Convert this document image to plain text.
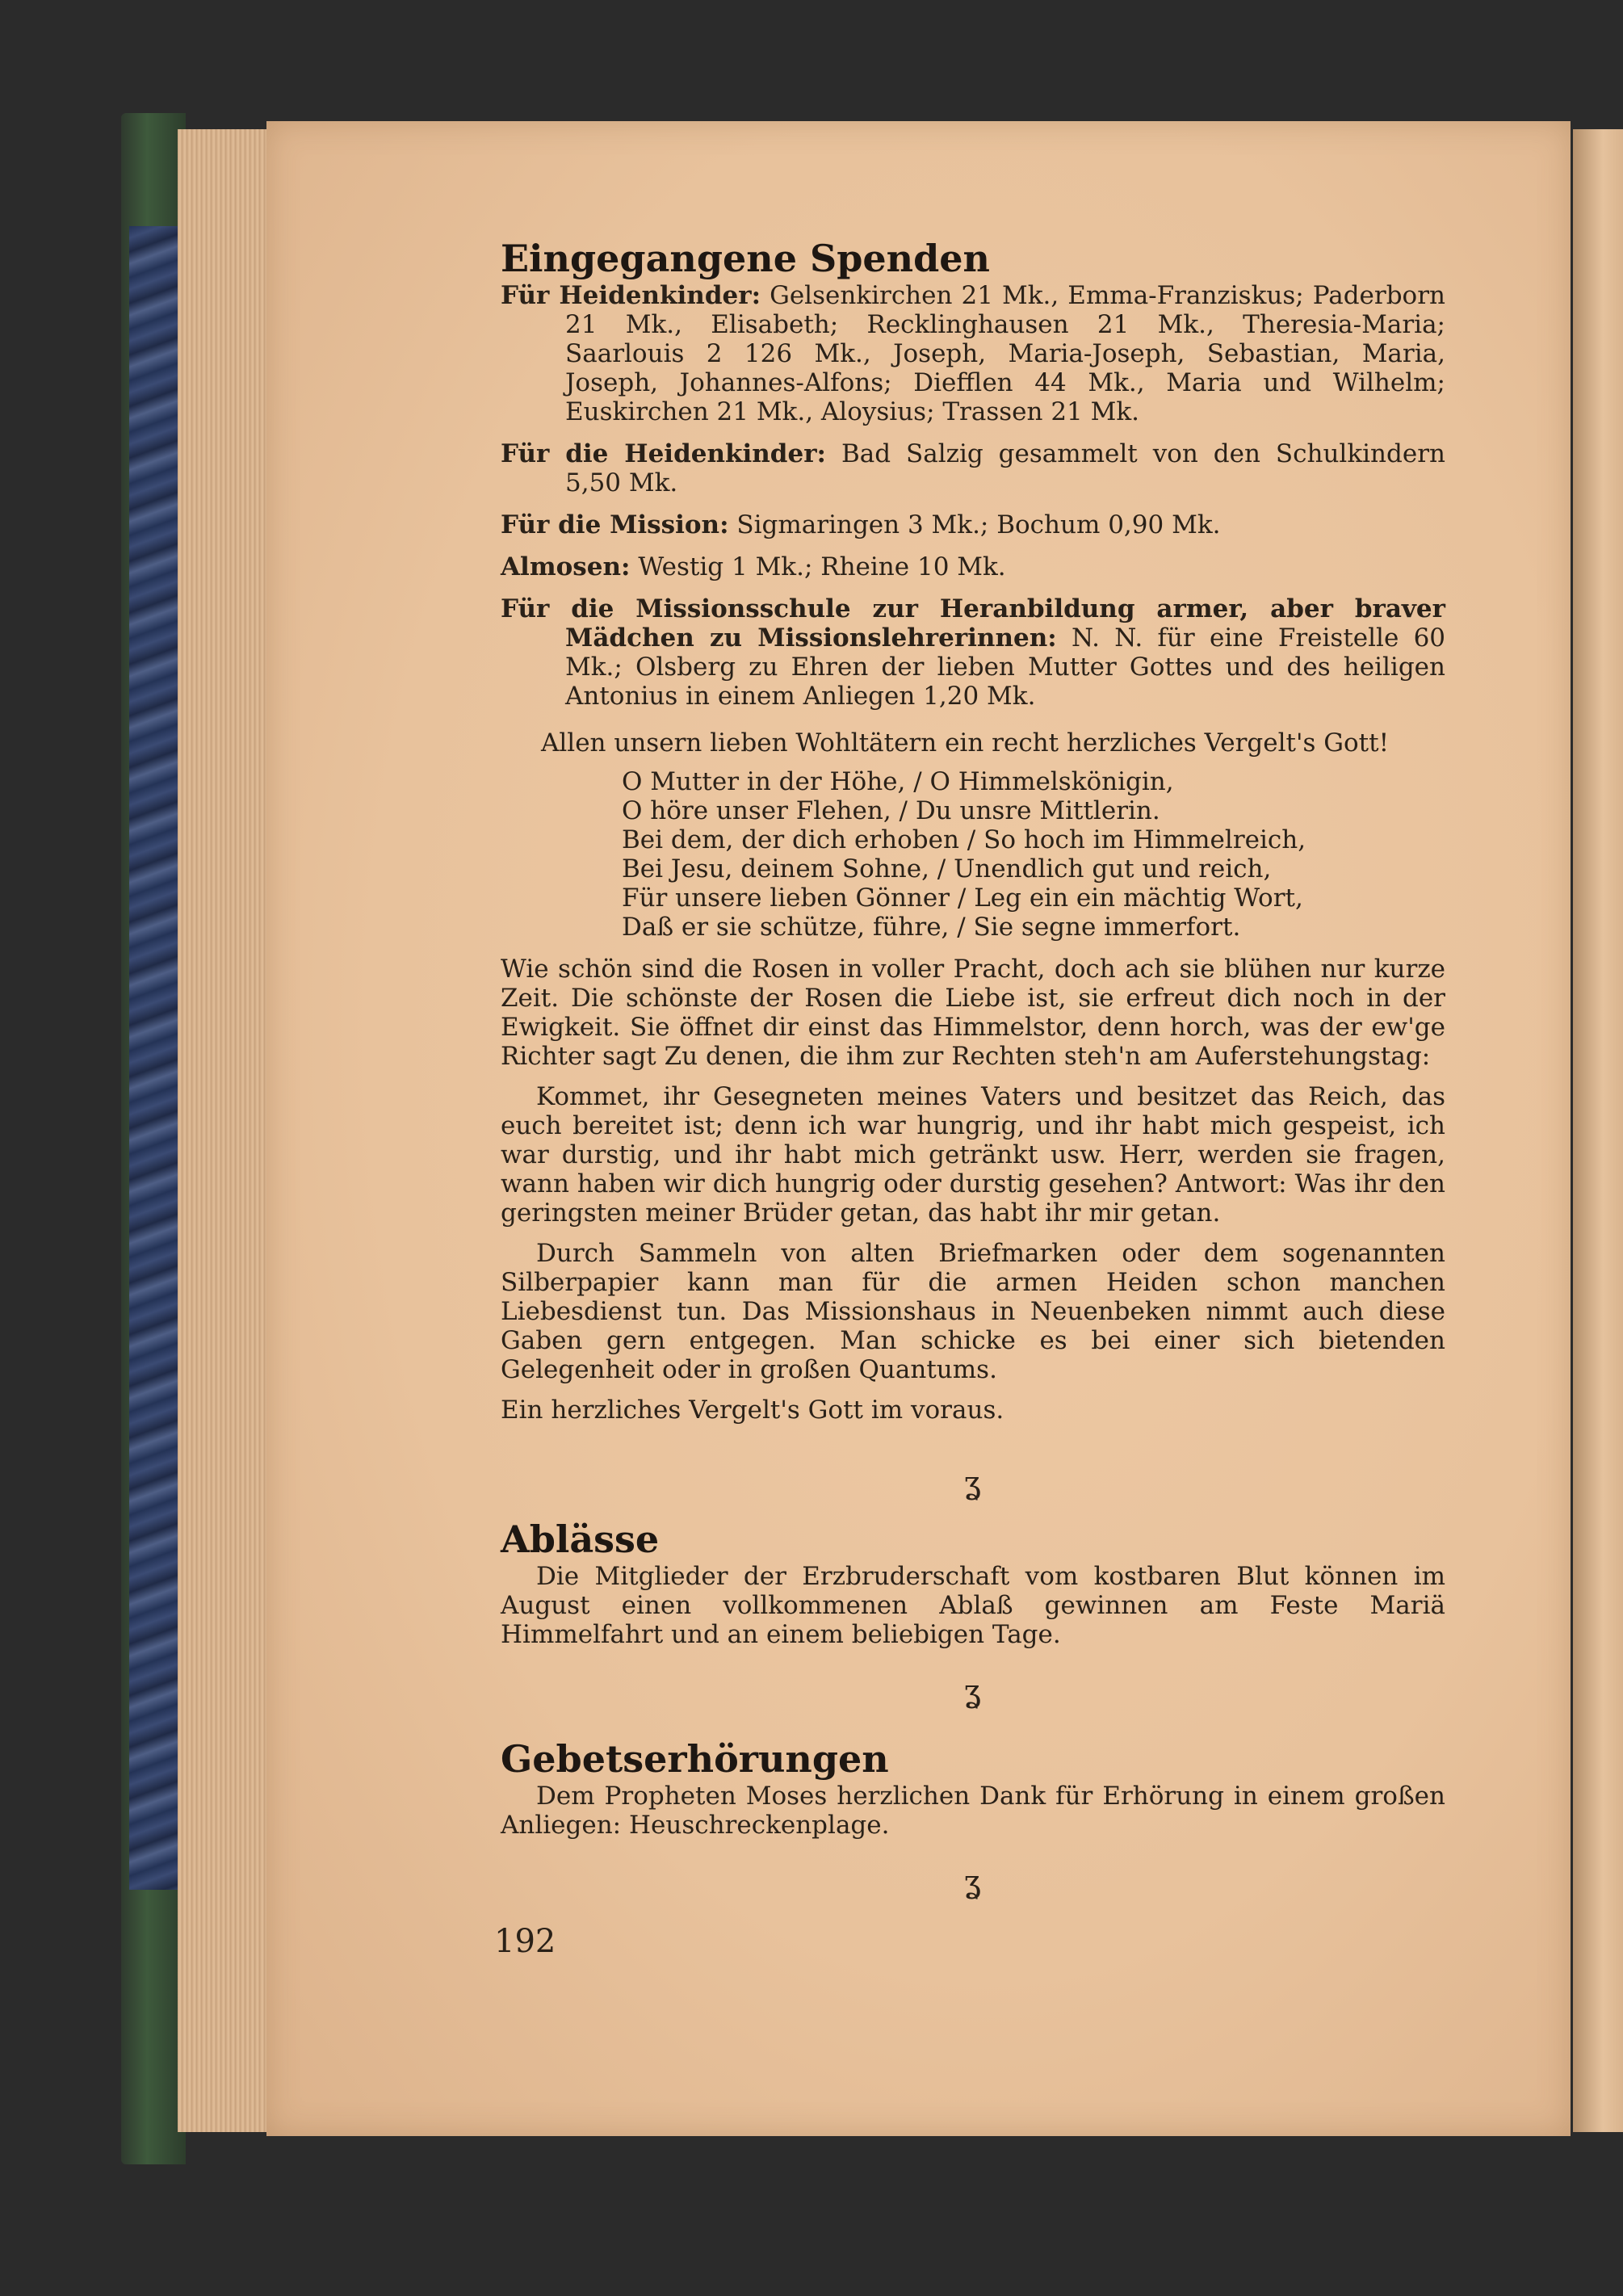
Eingegangene Spenden
Für Heidenkinder: Gelsenkirchen 21 Mk., Emma-Franziskus; Paderborn 21 Mk., Elisabeth; Recklinghausen 21 Mk., Theresia-Maria; Saarlouis 2 126 Mk., Joseph, Maria-Joseph, Sebastian, Maria, Joseph, Johannes-Alfons; Diefflen 44 Mk., Maria und Wilhelm; Euskirchen 21 Mk., Aloysius; Trassen 21 Mk.
Für die Heidenkinder: Bad Salzig gesammelt von den Schulkindern 5,50 Mk.
Für die Mission: Sigmaringen 3 Mk.; Bochum 0,90 Mk.
Almosen: Westig 1 Mk.; Rheine 10 Mk.
Für die Missionsschule zur Heranbildung armer, aber braver Mädchen zu Missionslehrerinnen: N. N. für eine Freistelle 60 Mk.; Olsberg zu Ehren der lieben Mutter Gottes und des heiligen Antonius in einem Anliegen 1,20 Mk.
Allen unsern lieben Wohltätern ein recht herzliches Vergelt's Gott!
O Mutter in der Höhe, / O Himmelskönigin,
O höre unser Flehen, / Du unsre Mittlerin.
Bei dem, der dich erhoben / So hoch im Himmelreich,
Bei Jesu, deinem Sohne, / Unendlich gut und reich,
Für unsere lieben Gönner / Leg ein ein mächtig Wort,
Daß er sie schütze, führe, / Sie segne immerfort.

Wie schön sind die Rosen in voller Pracht, doch ach sie blühen nur kurze Zeit. Die schönste der Rosen die Liebe ist, sie erfreut dich noch in der Ewigkeit. Sie öffnet dir einst das Himmelstor, denn horch, was der ew'ge Richter sagt Zu denen, die ihm zur Rechten steh'n am Auferstehungstag:

Kommet, ihr Gesegneten meines Vaters und besitzet das Reich, das euch bereitet ist; denn ich war hungrig, und ihr habt mich gespeist, ich war durstig, und ihr habt mich getränkt usw. Herr, werden sie fragen, wann haben wir dich hungrig oder durstig gesehen? Antwort: Was ihr den geringsten meiner Brüder getan, das habt ihr mir getan.

Durch Sammeln von alten Briefmarken oder dem sogenannten Silberpapier kann man für die armen Heiden schon manchen Liebesdienst tun. Das Missionshaus in Neuenbeken nimmt auch diese Gaben gern entgegen. Man schicke es bei einer sich bietenden Gelegenheit oder in großen Quantums.

Ein herzliches Vergelt's Gott im voraus.

ʓ
Ablässe

Die Mitglieder der Erzbruderschaft vom kostbaren Blut können im August einen vollkommenen Ablaß gewinnen am Feste Mariä Himmelfahrt und an einem beliebigen Tage.

ʓ
Gebetserhörungen

Dem Propheten Moses herzlichen Dank für Erhörung in einem großen Anliegen: Heuschreckenplage.

ʓ
192
